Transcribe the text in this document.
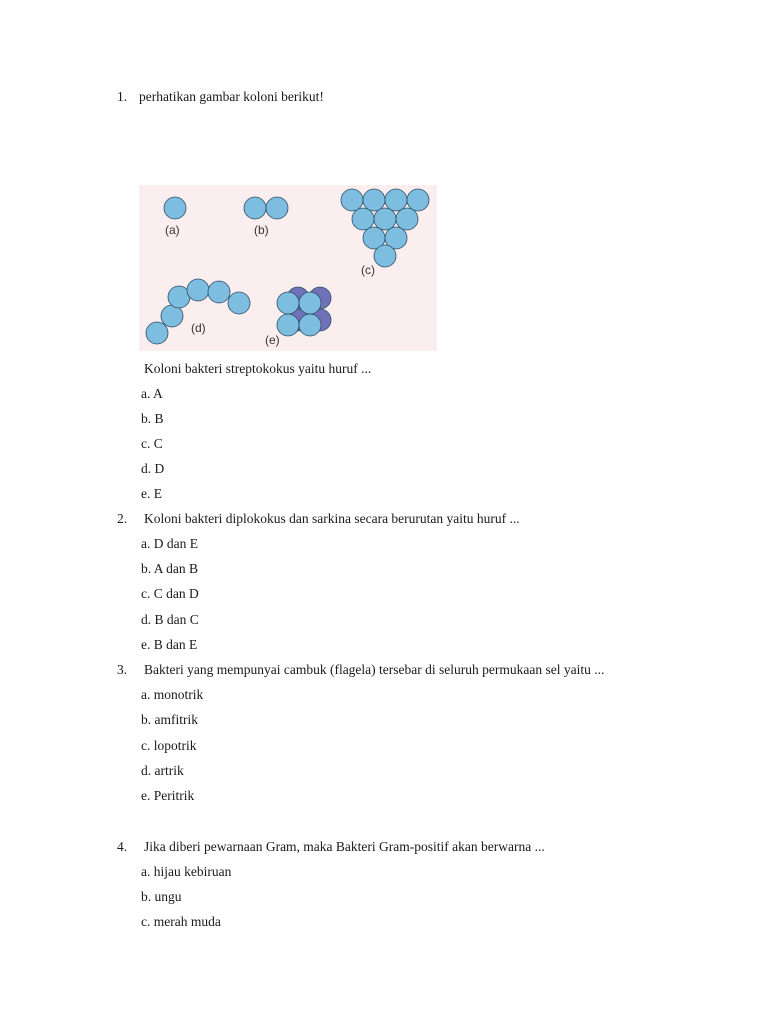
1. perhatikan gambar koloni berikut!
(a)	(b)
(c)
(d)
(e)
Koloni bakteri streptokokus yaitu huruf ...
a. A
b. B
c. C
d. D
e. E
2. Koloni bakteri diplokokus dan sarkina secara berurutan yaitu huruf ...
a. D dan E
b. A dan B
c. C dan D
d. B dan C
e. B dan E
3. Bakteri yang mempunyai cambuk (flagela) tersebar di seluruh permukaan sel yaitu ...
a. monotrik
b. amfitrik
c. lopotrik
d. artrik
e. Peritrik
4. Jika diberi pewarnaan Gram, maka Bakteri Gram-positif akan berwarna ...
a. hijau kebiruan
b. ungu
c. merah muda
